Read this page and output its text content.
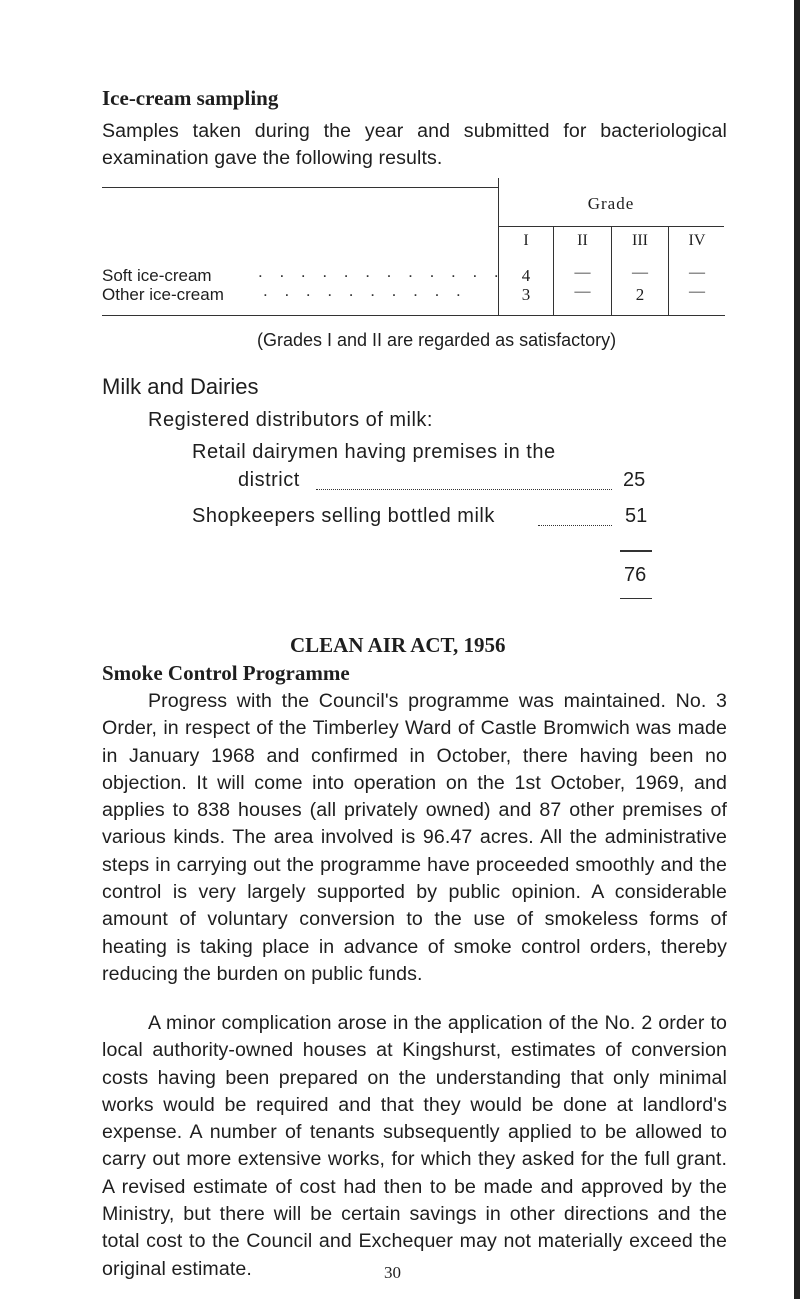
Ice-cream sampling

Samples taken during the year and submitted for bacteriological examination gave the following results.

Grade
I	II	III	IV
Soft ice-cream	. . . . . . . . . . . .	4	—	—	—
Other ice-cream . . . . . . . . . .	3	—	2	—
(Grades I and II are regarded as satisfactory)
Milk and Dairies
Registered distributors of milk:
Retail dairymen having premises in the
district	25
Shopkeepers selling bottled milk	51
76
CLEAN AIR ACT, 1956
Smoke Control Programme

Progress with the Council's programme was maintained. No. 3 Order, in respect of the Timberley Ward of Castle Bromwich was made in January 1968 and confirmed in October, there having been no objection. It will come into operation on the 1st October, 1969, and applies to 838 houses (all privately owned) and 87 other premises of various kinds. The area involved is 96.47 acres. All the administrative steps in carrying out the programme have proceeded smoothly and the control is very largely supported by public opinion. A considerable amount of voluntary conversion to the use of smokeless forms of heating is taking place in advance of smoke control orders, thereby reducing the burden on public funds.

A minor complication arose in the application of the No. 2 order to local authority-owned houses at Kingshurst, estimates of conversion costs having been prepared on the understanding that only minimal works would be required and that they would be done at landlord's expense. A number of tenants subsequently applied to be allowed to carry out more extensive works, for which they asked for the full grant. A revised estimate of cost had then to be made and approved by the Ministry, but there will be certain savings in other directions and the total cost to the Council and Exchequer may not materially exceed the original estimate.	30
